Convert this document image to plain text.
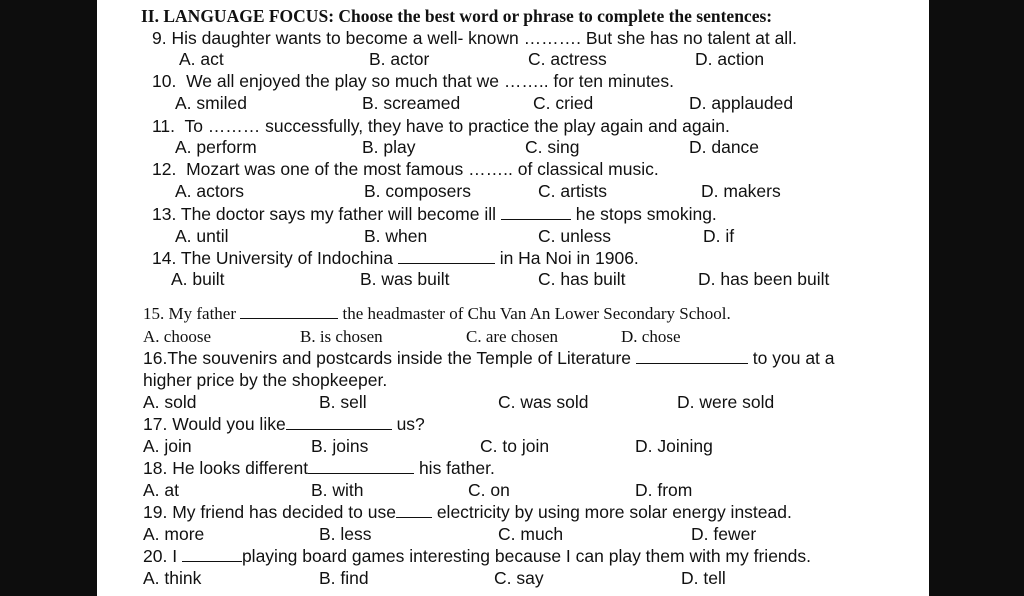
II. LANGUAGE FOCUS: Choose the best word or phrase to complete the sentences:
9. His daughter wants to become a well- known ………. But she has no talent at all.
A. act	B. actor	C. actress	D. action
10. We all enjoyed the play so much that we …….. for ten minutes.
A. smiled	B. screamed	C. cried	D. applauded
11. To ……… successfully, they have to practice the play again and again.
A. perform	B. play	C. sing	D. dance
12. Mozart was one of the most famous …….. of classical music.
A. actors	B. composers	C. artists	D. makers
13. The doctor says my father will become ill	he stops smoking.
A. until	B. when	C. unless	D. if
14. The University of Indochina	in Ha Noi in 1906.
A. built	B. was built	C. has built	D. has been built
15. My father	the headmaster of Chu Van An Lower Secondary School.
A. choose	B. is chosen	C. are chosen	D. chose
16.The souvenirs and postcards inside the Temple of Literature	to you at a
higher price by the shopkeeper.
A. sold	B. sell	C. was sold	D. were sold
17. Would you like	us?
A. join	B. joins	C. to join	D. Joining
18. He looks different	his father.
A. at	B. with	C. on	D. from
19. My friend has decided to use electricity by using more solar energy instead.
A. more	B. less	C. much	D. fewer
20. I	playing board games interesting because I can play them with my friends.
A. think	B. find	C. say	D. tell
